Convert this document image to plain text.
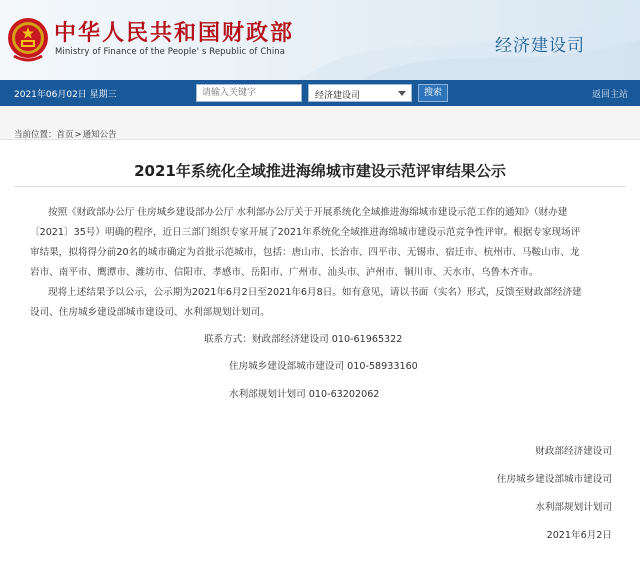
中华人民共和国财政部
Ministry of Finance of the People' s Republic of China	经济建设司
2021年06月02日 星期三
请输入关键字	经济建设司	搜索	返回主站
当前位置：首页>通知公告
2021年系统化全域推进海绵城市建设示范评审结果公示
按照《财政部办公厅 住房城乡建设部办公厅 水利部办公厅关于开展系统化全域推进海绵城市建设示范工作的通知》（财办建
〔2021〕35号）明确的程序，近日三部门组织专家开展了2021年系统化全域推进海绵城市建设示范竞争性评审。根据专家现场评
审结果，拟将得分前20名的城市确定为首批示范城市，包括：唐山市、长治市、四平市、无锡市、宿迁市、杭州市、马鞍山市、龙
岩市、南平市、鹰潭市、潍坊市、信阳市、孝感市、岳阳市、广州市、汕头市、泸州市、铜川市、天水市、乌鲁木齐市。
现将上述结果予以公示，公示期为2021年6月2日至2021年6月8日。如有意见，请以书面（实名）形式，反馈至财政部经济建
设司、住房城乡建设部城市建设司、水利部规划计划司。
联系方式：财政部经济建设司 010-61965322
住房城乡建设部城市建设司 010-58933160
水利部规划计划司 010-63202062
财政部经济建设司
住房城乡建设部城市建设司
水利部规划计划司
2021年6月2日
